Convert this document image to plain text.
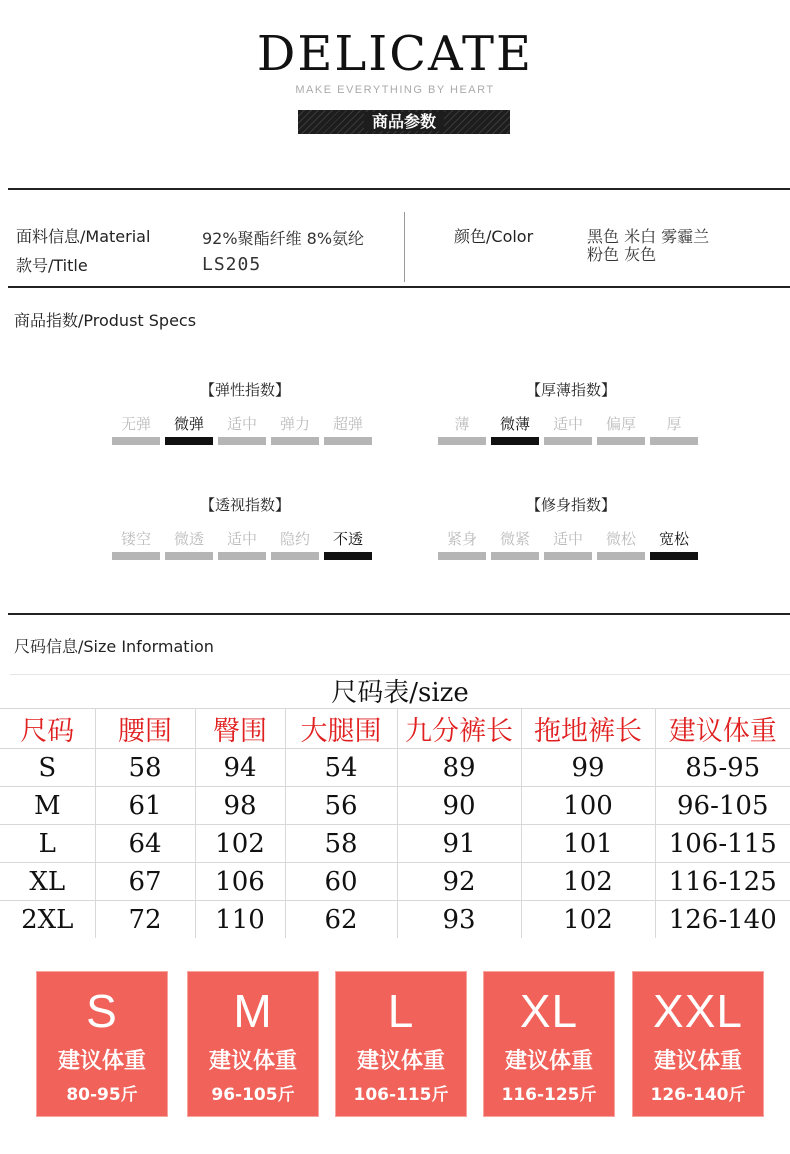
DELICATE
MAKE EVERYTHING BY HEART
商品参数
面料信息/Material	92%聚酯纤维 8%氨纶
款号/Title	LS205
颜色/Color	黑色 米白 雾霾兰
粉色 灰色
商品指数/Produst Specs
【弹性指数】
无弹	微弹	适中	弹力	超弹
【厚薄指数】
薄	微薄	适中	偏厚	厚
【透视指数】
镂空	微透	适中	隐约	不透
【修身指数】
紧身	微紧	适中	微松	宽松
尺码信息/Size Information
尺码表/size
尺码	腰围	臀围	大腿围	九分裤长	拖地裤长	建议体重
S	58	94	54	89	99	85-95
M	61	98	56	90	100	96-105
L	64	102	58	91	101	106-115
XL	67	106	60	92	102	116-125
2XL	72	110	62	93	102	126-140
S
建议体重
80-95斤
M
建议体重
96-105斤
L
建议体重
106-115斤
XL
建议体重
116-125斤
XXL
建议体重
126-140斤
